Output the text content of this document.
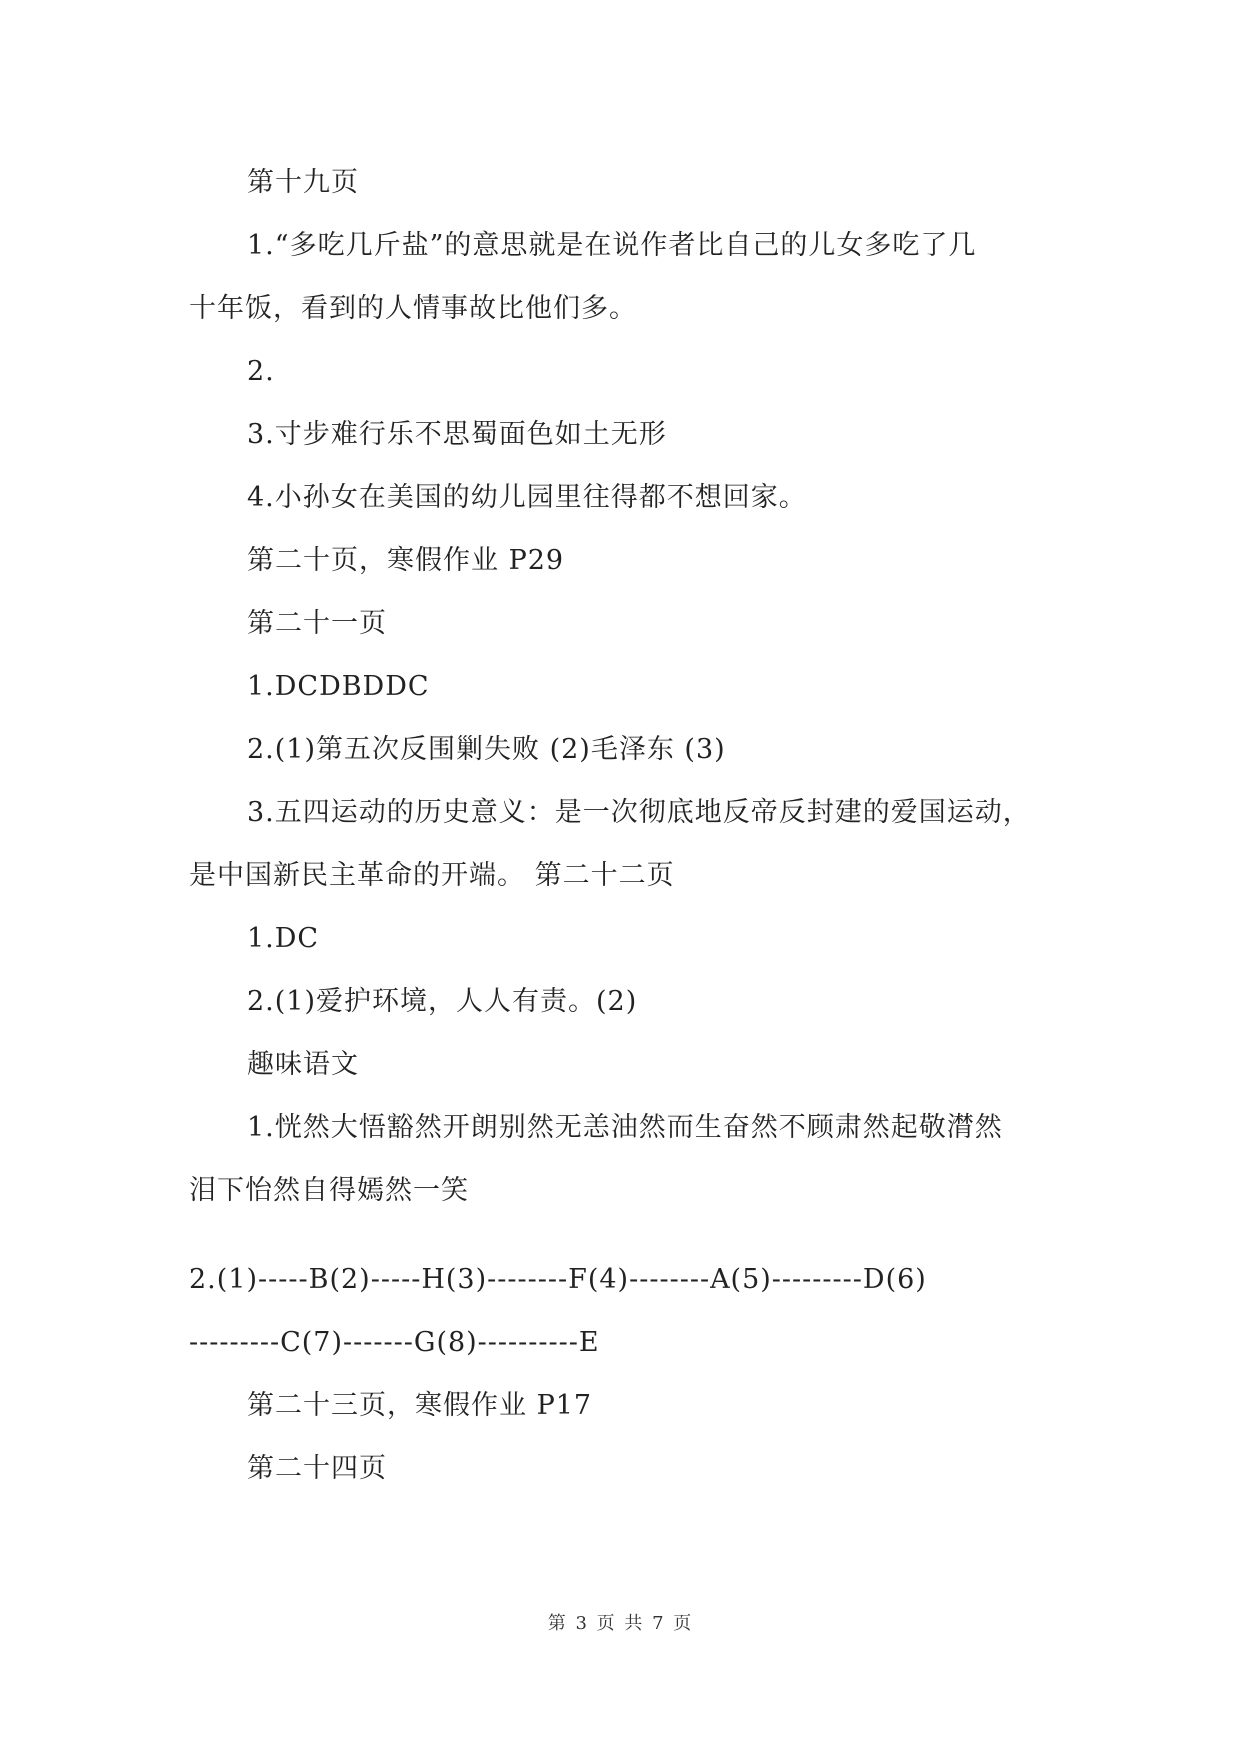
第十九页
1.“多吃几斤盐”的意思就是在说作者比自己的儿女多吃了几
十年饭，看到的人情事故比他们多。
2.
3.寸步难行乐不思蜀面色如土无形
4.小孙女在美国的幼儿园里往得都不想回家。
第二十页，寒假作业 P29
第二十一页
1.DCDBDDC
2.(1)第五次反围剿失败 (2)毛泽东 (3)
3.五四运动的历史意义：是一次彻底地反帝反封建的爱国运动，
是中国新民主革命的开端。 第二十二页
1.DC
2.(1)爱护环境，人人有责。(2)
趣味语文
1.恍然大悟豁然开朗别然无恙油然而生奋然不顾肃然起敬潸然
泪下怡然自得嫣然一笑
2.(1)-----B(2)-----H(3)--------F(4)--------A(5)---------D(6)
---------C(7)-------G(8)----------E
第二十三页，寒假作业 P17
第二十四页
第 3 页 共 7 页
